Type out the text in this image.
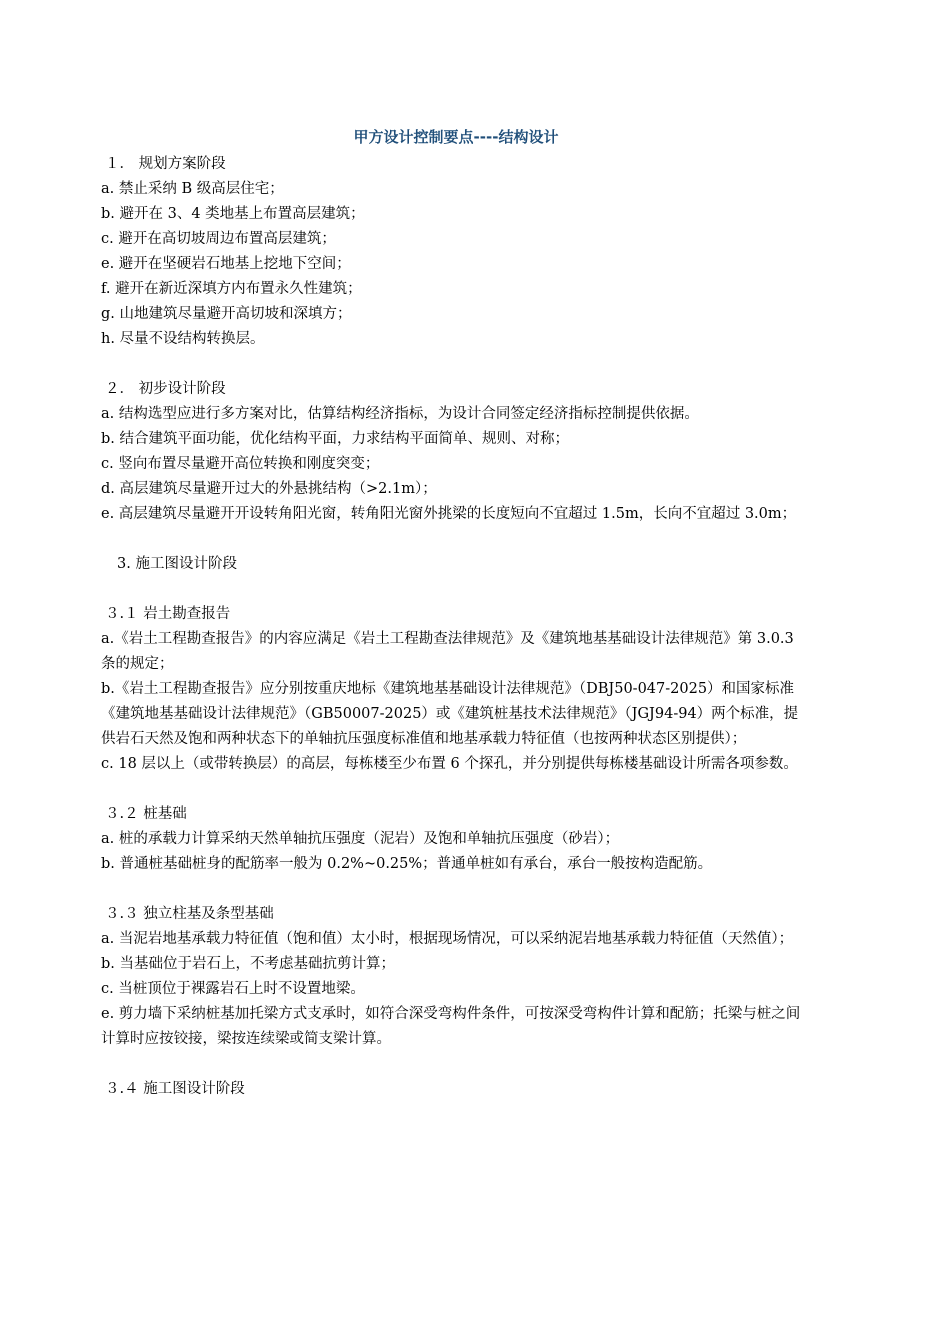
甲方设计控制要点----结构设计
１． 规划方案阶段
a. 禁止采纳 B 级高层住宅；
b. 避开在 3、4 类地基上布置高层建筑；
c. 避开在高切坡周边布置高层建筑；
e. 避开在坚硬岩石地基上挖地下空间；
f. 避开在新近深填方内布置永久性建筑；
g. 山地建筑尽量避开高切坡和深填方；
h. 尽量不设结构转换层。
２． 初步设计阶段
a. 结构选型应进行多方案对比，估算结构经济指标，为设计合同签定经济指标控制提供依据。
b. 结合建筑平面功能，优化结构平面，力求结构平面简单、规则、对称；
c. 竖向布置尽量避开高位转换和刚度突变；
d. 高层建筑尽量避开过大的外悬挑结构（>2.1m）；
e. 高层建筑尽量避开开设转角阳光窗，转角阳光窗外挑梁的长度短向不宜超过 1.5m，长向不宜超过 3.0m；
3. 施工图设计阶段
３.１ 岩土勘查报告
a.《岩土工程勘查报告》的内容应满足《岩土工程勘查法律规范》及《建筑地基基础设计法律规范》第 3.0.3 条的规定；
b.《岩土工程勘查报告》应分别按重庆地标《建筑地基基础设计法律规范》（DBJ50-047-2025）和国家标准《建筑地基基础设计法律规范》（GB50007-2025）或《建筑桩基技术法律规范》（JGJ94-94）两个标准，提供岩石天然及饱和两种状态下的单轴抗压强度标准值和地基承载力特征值（也按两种状态区别提供）；
c. 18 层以上（或带转换层）的高层，每栋楼至少布置 6 个探孔，并分别提供每栋楼基础设计所需各项参数。
３.２ 桩基础
a. 桩的承载力计算采纳天然单轴抗压强度（泥岩）及饱和单轴抗压强度（砂岩）；
b. 普通桩基础桩身的配筋率一般为 0.2%~0.25%；普通单桩如有承台，承台一般按构造配筋。
３.３ 独立柱基及条型基础
a. 当泥岩地基承载力特征值（饱和值）太小时，根据现场情况，可以采纳泥岩地基承载力特征值（天然值）；
b. 当基础位于岩石上，不考虑基础抗剪计算；
c. 当桩顶位于裸露岩石上时不设置地梁。
e. 剪力墙下采纳桩基加托梁方式支承时，如符合深受弯构件条件，可按深受弯构件计算和配筋；托梁与桩之间计算时应按铰接，梁按连续梁或简支梁计算。
３.４ 施工图设计阶段
